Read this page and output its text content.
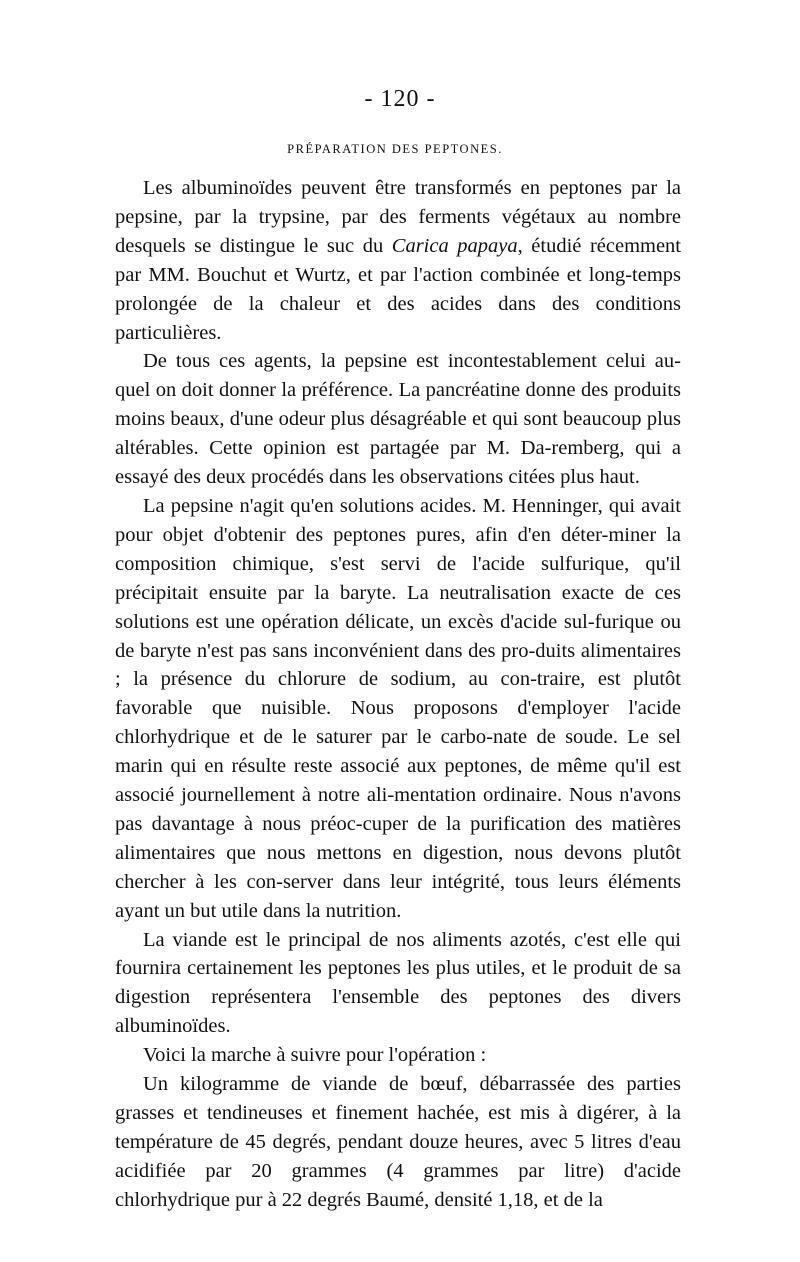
- 120 -
PRÉPARATION DES PEPTONES.

Les albuminoïdes peuvent être transformés en peptones par la pepsine, par la trypsine, par des ferments végétaux au nombre desquels se distingue le suc du Carica papaya, étudié récemment par MM. Bouchut et Wurtz, et par l'action combinée et long-temps prolongée de la chaleur et des acides dans des conditions particulières.

De tous ces agents, la pepsine est incontestablement celui au-quel on doit donner la préférence. La pancréatine donne des produits moins beaux, d'une odeur plus désagréable et qui sont beaucoup plus altérables. Cette opinion est partagée par M. Da-remberg, qui a essayé des deux procédés dans les observations citées plus haut.

La pepsine n'agit qu'en solutions acides. M. Henninger, qui avait pour objet d'obtenir des peptones pures, afin d'en déter-miner la composition chimique, s'est servi de l'acide sulfurique, qu'il précipitait ensuite par la baryte. La neutralisation exacte de ces solutions est une opération délicate, un excès d'acide sul-furique ou de baryte n'est pas sans inconvénient dans des pro-duits alimentaires ; la présence du chlorure de sodium, au con-traire, est plutôt favorable que nuisible. Nous proposons d'employer l'acide chlorhydrique et de le saturer par le carbo-nate de soude. Le sel marin qui en résulte reste associé aux peptones, de même qu'il est associé journellement à notre ali-mentation ordinaire. Nous n'avons pas davantage à nous préoc-cuper de la purification des matières alimentaires que nous mettons en digestion, nous devons plutôt chercher à les con-server dans leur intégrité, tous leurs éléments ayant un but utile dans la nutrition.

La viande est le principal de nos aliments azotés, c'est elle qui fournira certainement les peptones les plus utiles, et le produit de sa digestion représentera l'ensemble des peptones des divers albuminoïdes.

Voici la marche à suivre pour l'opération :

Un kilogramme de viande de bœuf, débarrassée des parties grasses et tendineuses et finement hachée, est mis à digérer, à la température de 45 degrés, pendant douze heures, avec 5 litres d'eau acidifiée par 20 grammes (4 grammes par litre) d'acide chlorhydrique pur à 22 degrés Baumé, densité 1,18, et de la
